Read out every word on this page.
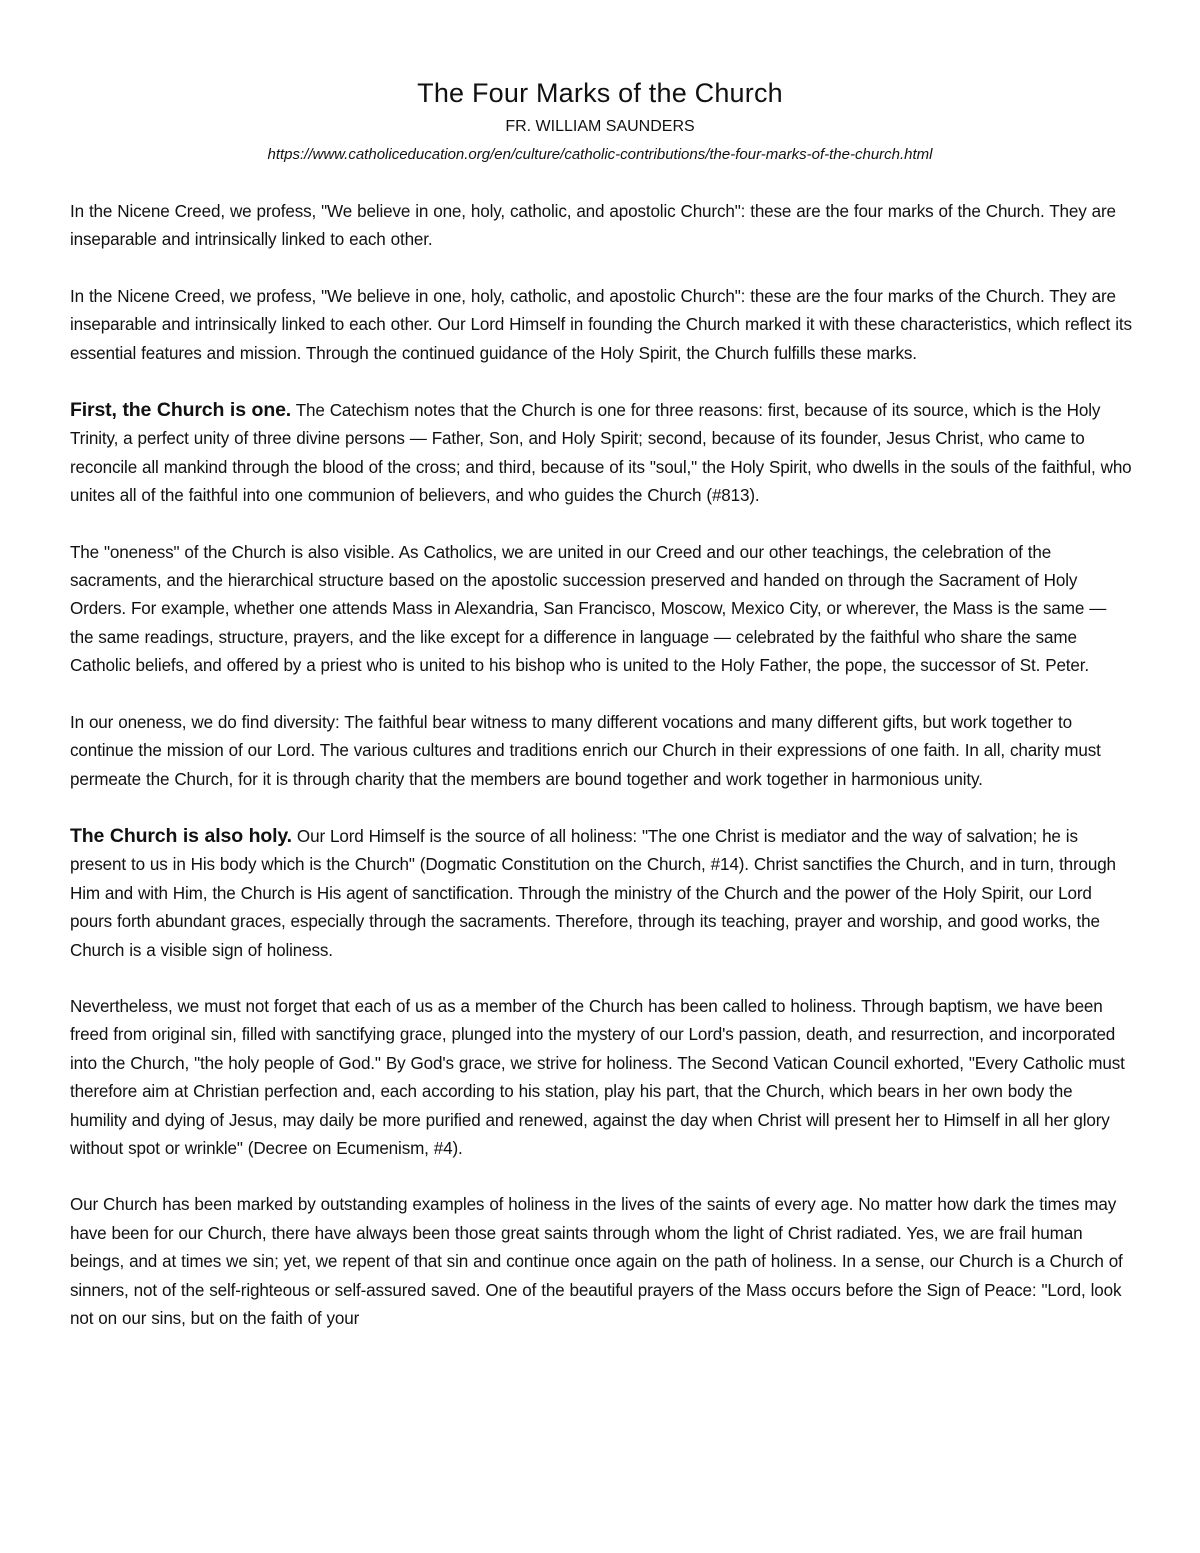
The Four Marks of the Church
FR. WILLIAM SAUNDERS
https://www.catholiceducation.org/en/culture/catholic-contributions/the-four-marks-of-the-church.html

In the Nicene Creed, we profess, "We believe in one, holy, catholic, and apostolic Church": these are the four marks of the Church. They are inseparable and intrinsically linked to each other.

In the Nicene Creed, we profess, "We believe in one, holy, catholic, and apostolic Church": these are the four marks of the Church. They are inseparable and intrinsically linked to each other. Our Lord Himself in founding the Church marked it with these characteristics, which reflect its essential features and mission. Through the continued guidance of the Holy Spirit, the Church fulfills these marks.

First, the Church is one. The Catechism notes that the Church is one for three reasons: first, because of its source, which is the Holy Trinity, a perfect unity of three divine persons — Father, Son, and Holy Spirit; second, because of its founder, Jesus Christ, who came to reconcile all mankind through the blood of the cross; and third, because of its "soul," the Holy Spirit, who dwells in the souls of the faithful, who unites all of the faithful into one communion of believers, and who guides the Church (#813).

The "oneness" of the Church is also visible. As Catholics, we are united in our Creed and our other teachings, the celebration of the sacraments, and the hierarchical structure based on the apostolic succession preserved and handed on through the Sacrament of Holy Orders. For example, whether one attends Mass in Alexandria, San Francisco, Moscow, Mexico City, or wherever, the Mass is the same — the same readings, structure, prayers, and the like except for a difference in language — celebrated by the faithful who share the same Catholic beliefs, and offered by a priest who is united to his bishop who is united to the Holy Father, the pope, the successor of St. Peter.

In our oneness, we do find diversity: The faithful bear witness to many different vocations and many different gifts, but work together to continue the mission of our Lord. The various cultures and traditions enrich our Church in their expressions of one faith. In all, charity must permeate the Church, for it is through charity that the members are bound together and work together in harmonious unity.

The Church is also holy. Our Lord Himself is the source of all holiness: "The one Christ is mediator and the way of salvation; he is present to us in His body which is the Church" (Dogmatic Constitution on the Church, #14). Christ sanctifies the Church, and in turn, through Him and with Him, the Church is His agent of sanctification. Through the ministry of the Church and the power of the Holy Spirit, our Lord pours forth abundant graces, especially through the sacraments. Therefore, through its teaching, prayer and worship, and good works, the Church is a visible sign of holiness.

Nevertheless, we must not forget that each of us as a member of the Church has been called to holiness. Through baptism, we have been freed from original sin, filled with sanctifying grace, plunged into the mystery of our Lord's passion, death, and resurrection, and incorporated into the Church, "the holy people of God." By God's grace, we strive for holiness. The Second Vatican Council exhorted, "Every Catholic must therefore aim at Christian perfection and, each according to his station, play his part, that the Church, which bears in her own body the humility and dying of Jesus, may daily be more purified and renewed, against the day when Christ will present her to Himself in all her glory without spot or wrinkle" (Decree on Ecumenism, #4).

Our Church has been marked by outstanding examples of holiness in the lives of the saints of every age. No matter how dark the times may have been for our Church, there have always been those great saints through whom the light of Christ radiated. Yes, we are frail human beings, and at times we sin; yet, we repent of that sin and continue once again on the path of holiness. In a sense, our Church is a Church of sinners, not of the self-righteous or self-assured saved. One of the beautiful prayers of the Mass occurs before the Sign of Peace: "Lord, look not on our sins, but on the faith of your
